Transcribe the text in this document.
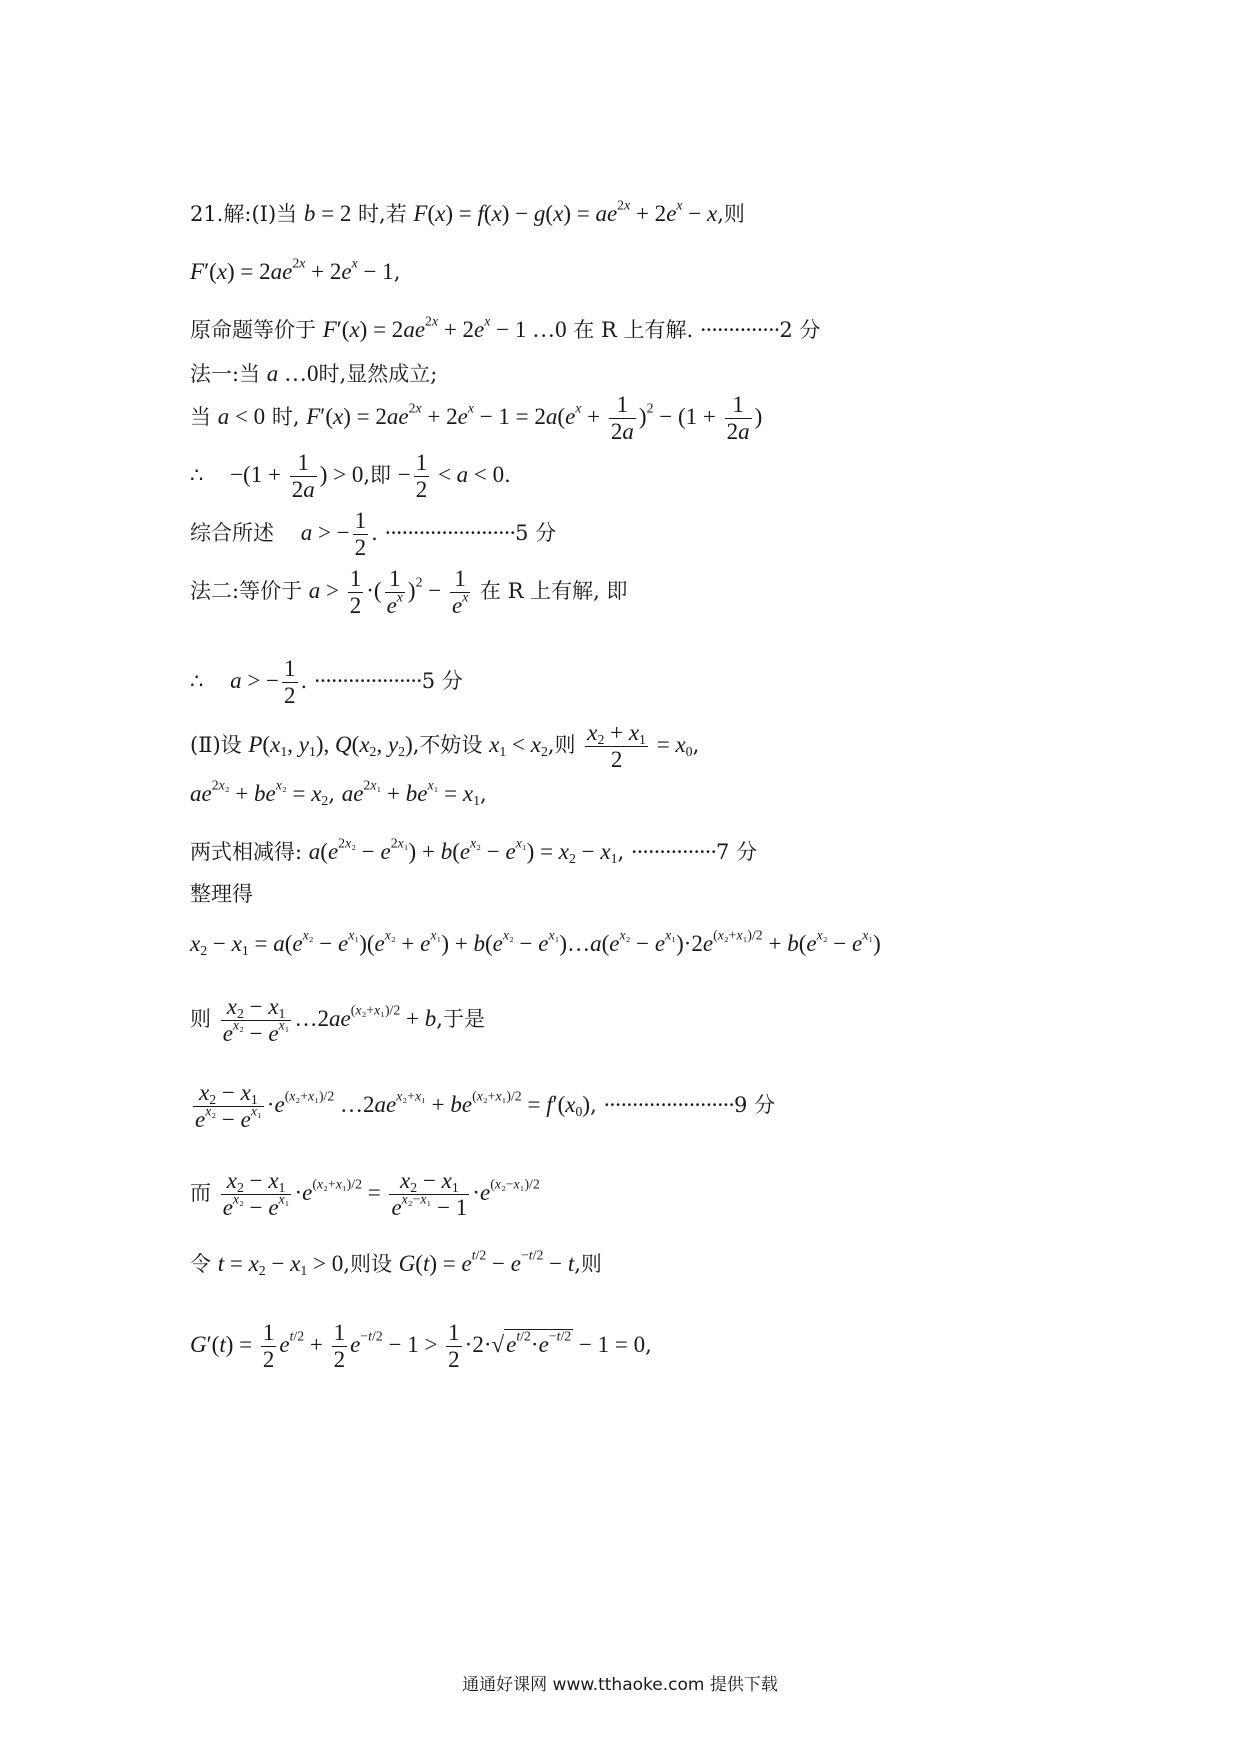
21.解:(Ⅰ)当 b = 2 时,若 $F(x) = f(x) - g(x) = ae^{2x} + 2e^x - x$,则
$F'(x) = 2ae^{2x} + 2e^x - 1$,
原命题等价于 $F'(x) = 2ae^{2x} + 2e^x - 1$ …0 在 R 上有解. ··············2 分
法一:当 a …0时,显然成立;
当 a < 0 时, $F'(x) = 2ae^{2x} + 2e^x - 1 = 2a(e^x + \frac{1}{2a} )^2 - (1 + \frac{1}{2a}$ )
∴ $-(1 + \frac{1}{2a}$ ) > 0,即 − $\frac{1}{2} < a < 0$.
综合所述 a > − $\frac{1}{2}$ . ·······················5 分
法二:等价于 $a > \frac{1}{2}$ ·( $\frac{1}{e^x} )^2 - \frac{1}{e^x}$ 在 R 上有解, 即
∴ a > − $\frac{1}{2}$ . ···················5 分
(Ⅱ)设 $P(x_1$, $y_1$), $Q(x_2$, $y_2$),不妨设 $x_1 < x_2$,则 $\frac{x_2 + x_1}{2} = x_0$,
$ae^{2x_2} + be^{x_2} = x_2$, $ae^{2x_1} + be^{x_1} = x_1$,
两式相减得: $a(e^{2x_2} - e^{2x_1}) + b(e^{x_2} - e^{x_1}) = x_2 - x_1$, ···············7 分
整理得
$x_2 - x_1 = a(e^{x_2} - e^{x_1})(e^{x_2} + e^{x_1}) + b(e^{x_2}$ − $e^{x_1})\dots a(e^{x_2} - e^{x_1})\cdot 2e^{(x_2+x_1)/2} + b(e^{x_2} - e^{x_1})$
则 $\frac{x_2 - x_1}{e^{x_2} - e^{x_1}}$ $\dots 2ae^{(x_2+x_1)/2} + b$,于是
$\frac{x_2 - x_1}{e^{x_2} - e^{x_1}} \cdot e^{(x_2+x_1)/2}$ $\dots 2ae^{x_2+x_1} + be^{(x_2+x_1)/2} = f'(x_0)$, ·······················9 分
而 $\frac{x_2 - x_1}{e^{x_2} - e^{x_1}} \cdot e^{(x_2+x_1)/2} = \frac{x_2 - x_1}{e^{x_2-x_1} - 1} \cdot e^{(x_2-x_1)/2}$
令 $t = x_2 - x_1 > 0$,则设 $G(t) = e^{t/2} - e^{-t/2} - t$,则
$G'(t) = \frac{1}{2} e^{t/2} + \frac{1}{2} e^{-t/2} - 1 > \frac{1}{2} \cdot 2\cdot√e^{t/2}\cdot e^{-t/2} - 1 = 0$,
通通好课网 www.tthaoke.com 提供下载
